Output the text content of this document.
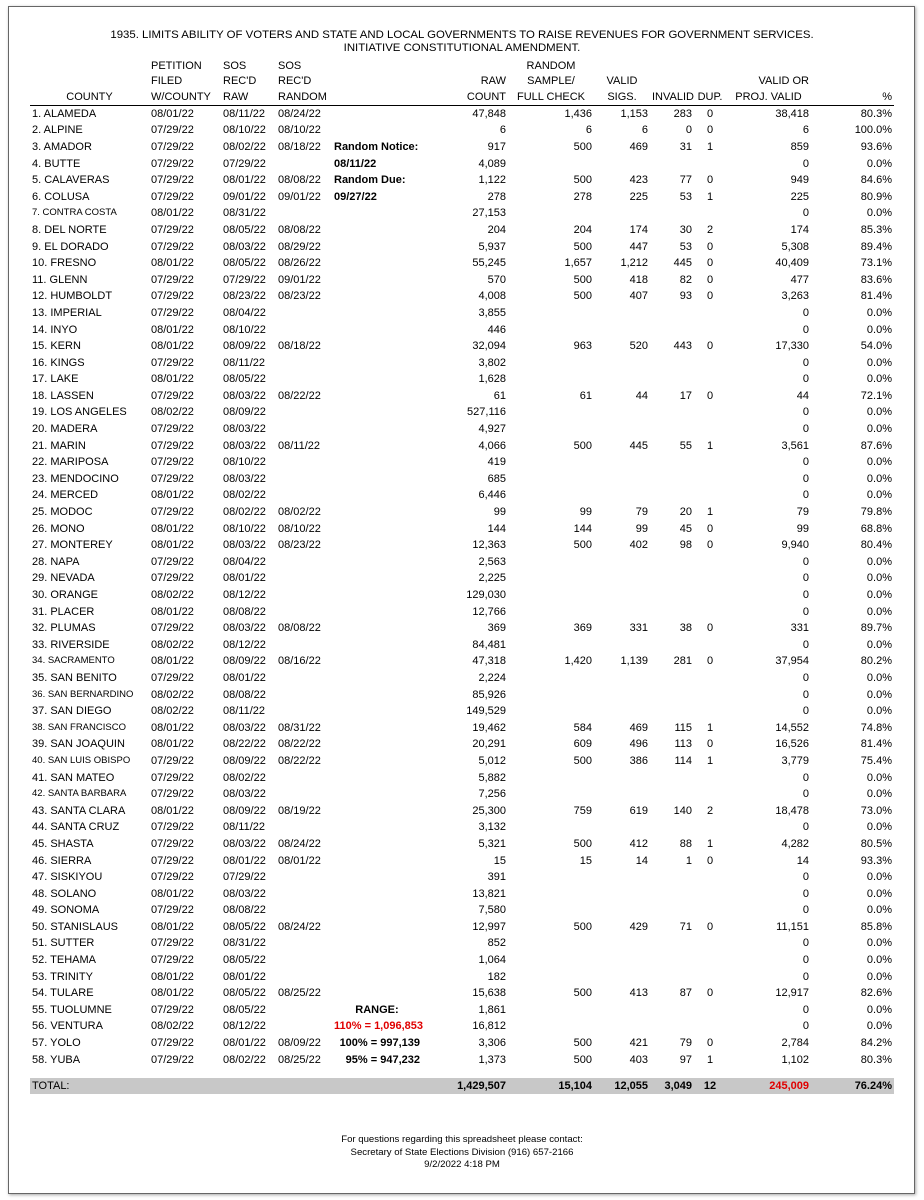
1935. LIMITS ABILITY OF VOTERS AND STATE AND LOCAL GOVERNMENTS TO RAISE REVENUES FOR GOVERNMENT SERVICES.
INITIATIVE CONSTITUTIONAL AMENDMENT.
	PETITION	SOS	SOS			RANDOM					
	FILED	REC'D	REC'D		RAW	SAMPLE/	VALID			VALID OR	
COUNTY	W/COUNTY	RAW	RANDOM		COUNT	FULL CHECK	SIGS.	INVALID	DUP.	PROJ. VALID	%
1. ALAMEDA	08/01/22	08/11/22	08/24/22		47,848	1,436	1,153	283	0	38,418	80.3%
2. ALPINE	07/29/22	08/10/22	08/10/22		6	6	6	0	0	6	100.0%
3. AMADOR	07/29/22	08/02/22	08/18/22	Random Notice:	917	500	469	31	1	859	93.6%
4. BUTTE	07/29/22	07/29/22		08/11/22	4,089					0	0.0%
5. CALAVERAS	07/29/22	08/01/22	08/08/22	Random Due:	1,122	500	423	77	0	949	84.6%
6. COLUSA	07/29/22	09/01/22	09/01/22	09/27/22	278	278	225	53	1	225	80.9%
7. CONTRA COSTA	08/01/22	08/31/22			27,153					0	0.0%
8. DEL NORTE	07/29/22	08/05/22	08/08/22		204	204	174	30	2	174	85.3%
9. EL DORADO	07/29/22	08/03/22	08/29/22		5,937	500	447	53	0	5,308	89.4%
10. FRESNO	08/01/22	08/05/22	08/26/22		55,245	1,657	1,212	445	0	40,409	73.1%
11. GLENN	07/29/22	07/29/22	09/01/22		570	500	418	82	0	477	83.6%
12. HUMBOLDT	07/29/22	08/23/22	08/23/22		4,008	500	407	93	0	3,263	81.4%
13. IMPERIAL	07/29/22	08/04/22			3,855					0	0.0%
14. INYO	08/01/22	08/10/22			446					0	0.0%
15. KERN	08/01/22	08/09/22	08/18/22		32,094	963	520	443	0	17,330	54.0%
16. KINGS	07/29/22	08/11/22			3,802					0	0.0%
17. LAKE	08/01/22	08/05/22			1,628					0	0.0%
18. LASSEN	07/29/22	08/03/22	08/22/22		61	61	44	17	0	44	72.1%
19. LOS ANGELES	08/02/22	08/09/22			527,116					0	0.0%
20. MADERA	07/29/22	08/03/22			4,927					0	0.0%
21. MARIN	07/29/22	08/03/22	08/11/22		4,066	500	445	55	1	3,561	87.6%
22. MARIPOSA	07/29/22	08/10/22			419					0	0.0%
23. MENDOCINO	07/29/22	08/03/22			685					0	0.0%
24. MERCED	08/01/22	08/02/22			6,446					0	0.0%
25. MODOC	07/29/22	08/02/22	08/02/22		99	99	79	20	1	79	79.8%
26. MONO	08/01/22	08/10/22	08/10/22		144	144	99	45	0	99	68.8%
27. MONTEREY	08/01/22	08/03/22	08/23/22		12,363	500	402	98	0	9,940	80.4%
28. NAPA	07/29/22	08/04/22			2,563					0	0.0%
29. NEVADA	07/29/22	08/01/22			2,225					0	0.0%
30. ORANGE	08/02/22	08/12/22			129,030					0	0.0%
31. PLACER	08/01/22	08/08/22			12,766					0	0.0%
32. PLUMAS	07/29/22	08/03/22	08/08/22		369	369	331	38	0	331	89.7%
33. RIVERSIDE	08/02/22	08/12/22			84,481					0	0.0%
34. SACRAMENTO	08/01/22	08/09/22	08/16/22		47,318	1,420	1,139	281	0	37,954	80.2%
35. SAN BENITO	07/29/22	08/01/22			2,224					0	0.0%
36. SAN BERNARDINO	08/02/22	08/08/22			85,926					0	0.0%
37. SAN DIEGO	08/02/22	08/11/22			149,529					0	0.0%
38. SAN FRANCISCO	08/01/22	08/03/22	08/31/22		19,462	584	469	115	1	14,552	74.8%
39. SAN JOAQUIN	08/01/22	08/22/22	08/22/22		20,291	609	496	113	0	16,526	81.4%
40. SAN LUIS OBISPO	07/29/22	08/09/22	08/22/22		5,012	500	386	114	1	3,779	75.4%
41. SAN MATEO	07/29/22	08/02/22			5,882					0	0.0%
42. SANTA BARBARA	07/29/22	08/03/22			7,256					0	0.0%
43. SANTA CLARA	08/01/22	08/09/22	08/19/22		25,300	759	619	140	2	18,478	73.0%
44. SANTA CRUZ	07/29/22	08/11/22			3,132					0	0.0%
45. SHASTA	07/29/22	08/03/22	08/24/22		5,321	500	412	88	1	4,282	80.5%
46. SIERRA	07/29/22	08/01/22	08/01/22		15	15	14	1	0	14	93.3%
47. SISKIYOU	07/29/22	07/29/22			391					0	0.0%
48. SOLANO	08/01/22	08/03/22			13,821					0	0.0%
49. SONOMA	07/29/22	08/08/22			7,580					0	0.0%
50. STANISLAUS	08/01/22	08/05/22	08/24/22		12,997	500	429	71	0	11,151	85.8%
51. SUTTER	07/29/22	08/31/22			852					0	0.0%
52. TEHAMA	07/29/22	08/05/22			1,064					0	0.0%
53. TRINITY	08/01/22	08/01/22			182					0	0.0%
54. TULARE	08/01/22	08/05/22	08/25/22		15,638	500	413	87	0	12,917	82.6%
55. TUOLUMNE	07/29/22	08/05/22		RANGE:	1,861					0	0.0%
56. VENTURA	08/02/22	08/12/22		110% = 1,096,853	16,812					0	0.0%
57. YOLO	07/29/22	08/01/22	08/09/22	100% = 997,139	3,306	500	421	79	0	2,784	84.2%
58. YUBA	07/29/22	08/02/22	08/25/22	95% = 947,232	1,373	500	403	97	1	1,102	80.3%

TOTAL:					1,429,507	15,104	12,055	3,049	12	245,009	76.24%
For questions regarding this spreadsheet please contact:
Secretary of State Elections Division (916) 657-2166
9/2/2022 4:18 PM
